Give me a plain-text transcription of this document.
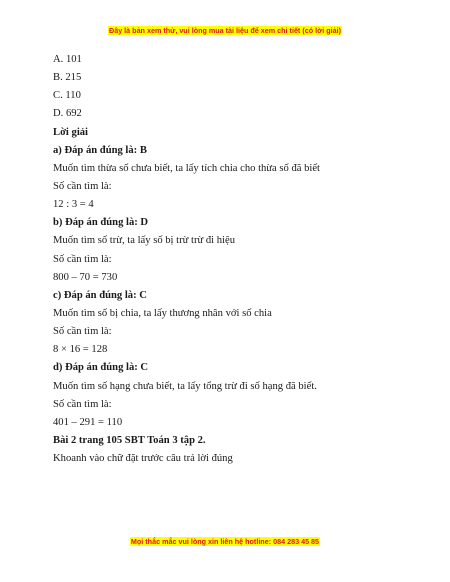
Đây là bản xem thử, vui lòng mua tài liệu để xem chi tiết (có lời giải)
A. 101
B. 215
C. 110
D. 692
Lời giải
a) Đáp án đúng là: B
Muốn tìm thừa số chưa biết, ta lấy tích chia cho thừa số đã biết
Số cần tìm là:
12 : 3 = 4
b) Đáp án đúng là: D
Muốn tìm số trừ, ta lấy số bị trừ trừ đi hiệu
Số cần tìm là:
800 – 70 = 730
c) Đáp án đúng là: C
Muốn tìm số bị chia, ta lấy thương nhân với số chia
Số cần tìm là:
8 × 16 = 128
d) Đáp án đúng là: C
Muốn tìm số hạng chưa biết, ta lấy tổng trừ đi số hạng đã biết.
Số cần tìm là:
401 – 291 = 110
Bài 2 trang 105 SBT Toán 3 tập 2.
Khoanh vào chữ đặt trước câu trả lời đúng
Mọi thắc mắc vui lòng xin liên hệ hotline: 084 283 45 85
